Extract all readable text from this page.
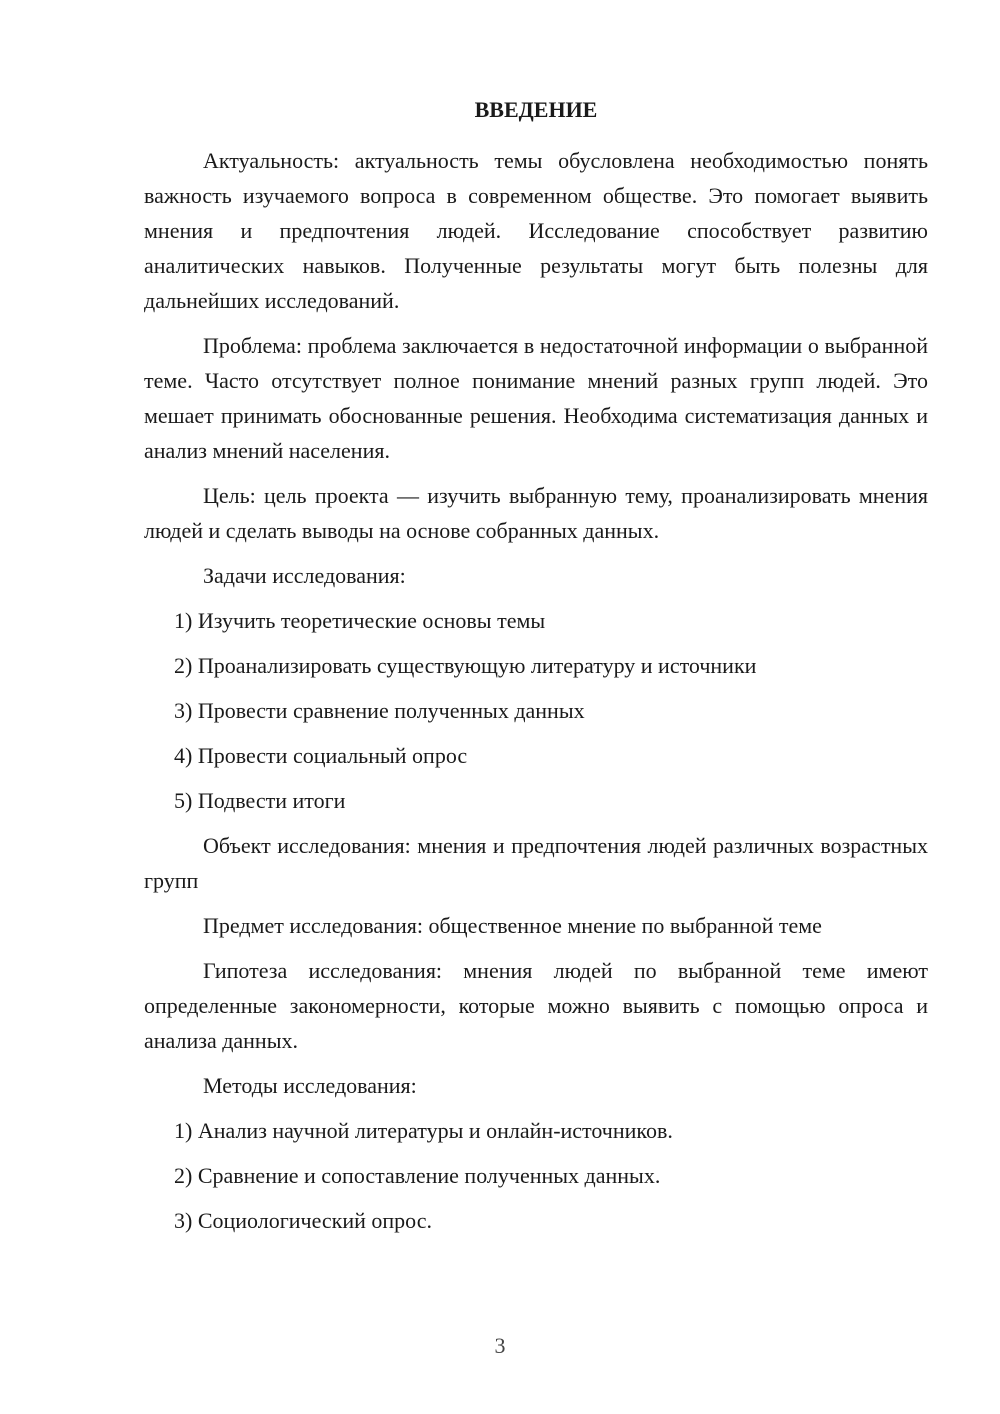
ВВЕДЕНИЕ

Актуальность: актуальность темы обусловлена необходимостью понять важность изучаемого вопроса в современном обществе. Это помогает выявить мнения и предпочтения людей. Исследование способствует развитию аналитических навыков. Полученные результаты могут быть полезны для дальнейших исследований.

Проблема: проблема заключается в недостаточной информации о выбранной теме. Часто отсутствует полное понимание мнений разных групп людей. Это мешает принимать обоснованные решения. Необходима систематизация данных и анализ мнений населения.

Цель: цель проекта — изучить выбранную тему, проанализировать мнения людей и сделать выводы на основе собранных данных.

Задачи исследования:

1) Изучить теоретические основы темы
2) Проанализировать существующую литературу и источники
3) Провести сравнение полученных данных
4) Провести социальный опрос
5) Подвести итоги

Объект исследования: мнения и предпочтения людей различных возрастных групп

Предмет исследования: общественное мнение по выбранной теме

Гипотеза исследования: мнения людей по выбранной теме имеют определенные закономерности, которые можно выявить с помощью опроса и анализа данных.

Методы исследования:

1) Анализ научной литературы и онлайн-источников.
2) Сравнение и сопоставление полученных данных.
3) Социологический опрос.
3
